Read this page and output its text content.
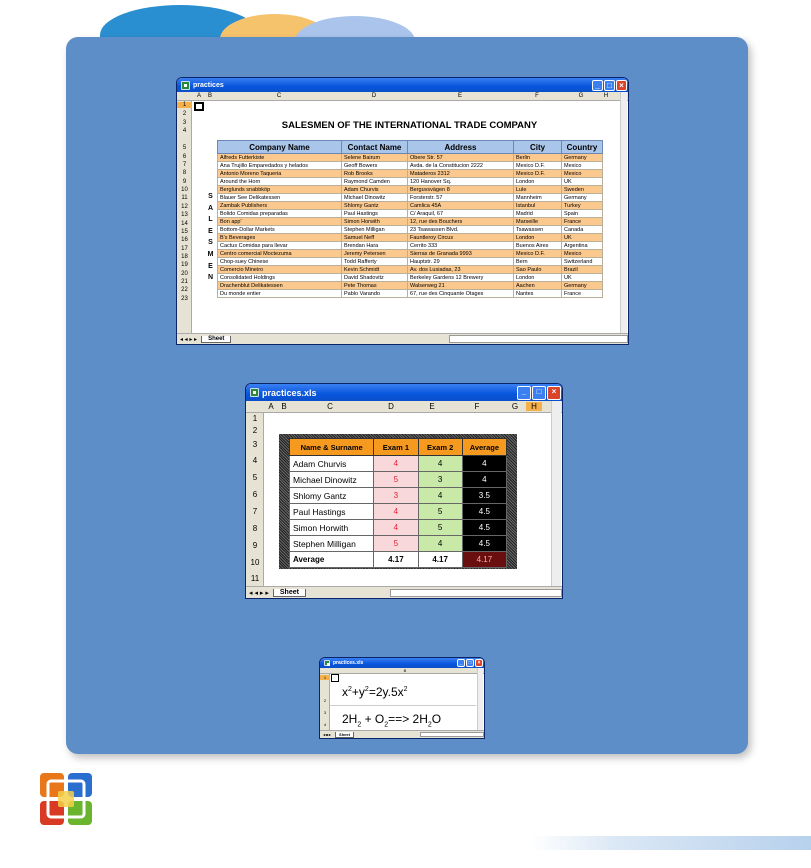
practices	_ □ ×
A	B	C	D	E	F	G	H
1
2
3
4
5
6
7
8
9
10
11
12
13
14
15
16
17
18
19
20
21
22
23
SALESMEN OF THE INTERNATIONAL TRADE COMPANY
S
A
L
E
S
M
E
N
Company Name	Contact Name	Address	City	Country
Alfreds Futterkiste	Selene Bairum	Obere Str. 57	Berlin	Germany
Ana Trujillo Emparedados y helados	Geoff Bowers	Avda. de la Constitucion 2222	Mexico D.F.	Mexico
Antonio Moreno Taqueria	Rob Brooks	Mataderos 2312	Mexico D.F.	Mexico
Around the Horn	Raymond Camden	120 Hanover Sq.	London	UK
Berglunds snabbköp	Adam Churvis	Berguvsvägen 8	Lule	Sweden
Blauer See Delikatessen	Michael Dinowitz	Forsterstr. 57	Mannheim	Germany
Zambak Publishers	Shlomy Gantz	Camlica 45A	Istanbul	Turkey
Bolido Comidas preparadas	Paul Hastings	C/ Araquil, 67	Madrid	Spain
Bon app'	Simon Horwith	12, rue des Bouchers	Marseille	France
Bottom-Dollar Markets	Stephen Milligan	23 Tsawassen Blvd.	Tsawassen	Canada
B's Beverages	Samuel Neff	Fauntleroy Circus	London	UK
Cactus Comidas para llevar	Brendan Hara	Cerrito 333	Buenos Aires	Argentina
Centro comercial Moctezuma	Jeremy Petersen	Sierras de Granada 9993	Mexico D.F.	Mexico
Chop-suey Chinese	Todd Rafferty	Hauptstr. 29	Bern	Switzerland
Comercio Mineiro	Kevin Schmidt	Av. dos Lusiadas, 23	Sao Paulo	Brazil
Consolidated Holdings	David Shadovitz	Berkeley Gardens 12 Brewery	London	UK
Drachenblut Delikatessen	Pete Thomas	Walserweg 21	Aachen	Germany
Du monde entier	Pablo Varando	67, rue des Cinquante Otages	Nantes	France
◂ ◂ ▸ ▸	Sheet
practices.xls	_	□	×
A B	C	D	E	F	G	H
1
2
3
4
5
6
7
8
9
10
11
Name & Surname	Exam 1	Exam 2	Average
Adam Churvis	4	4	4
Michael Dinowitz	5	3	4
Shlomy Gantz	3	4	3.5
Paul Hastings	4	5	4.5
Simon Horwith	4	5	4.5
Stephen Milligan	5	4	4.5
Average	4.17	4.17	4.17
◂ ◂ ▸ ▸	Sheet
practices.xls	_	□	×
B
1
2
3
4
$x^2+y^2=2y.5x^2$
$2H_2 + O_2==> 2H_2O$
◂◂▸▸	Sheet
